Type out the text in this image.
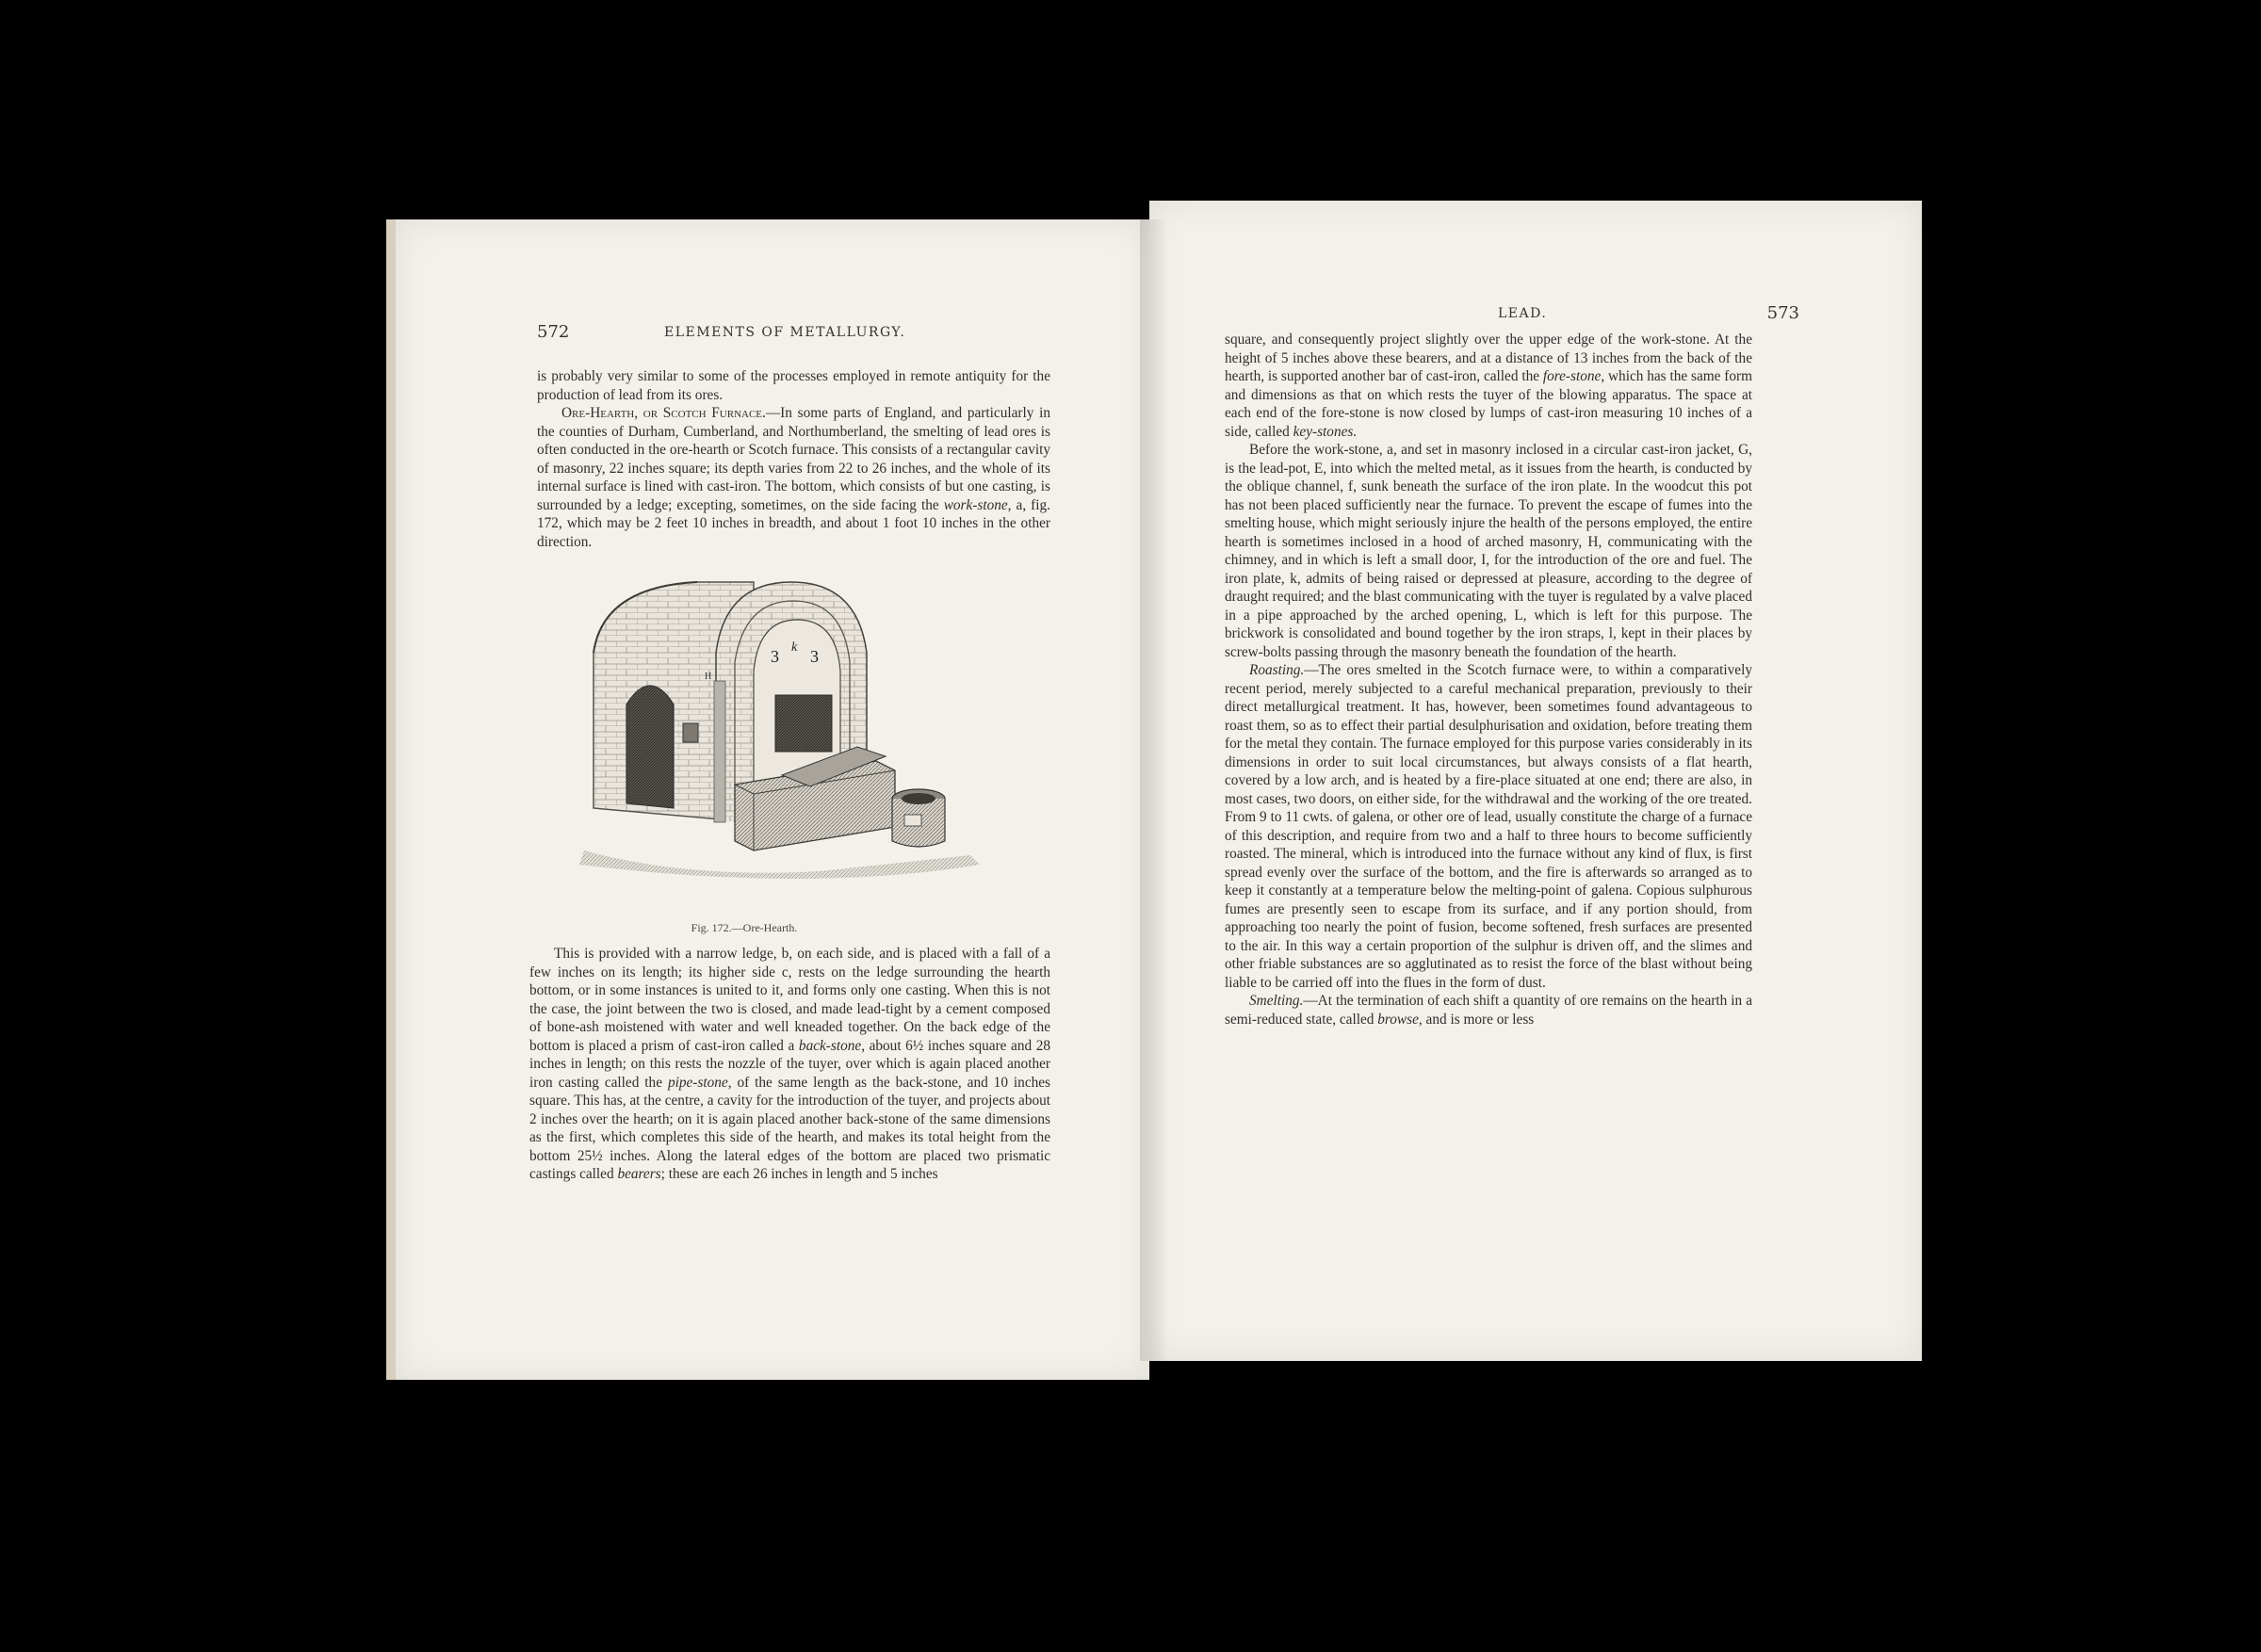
572	ELEMENTS OF METALLURGY.

is probably very similar to some of the processes employed in remote antiquity for the production of lead from its ores.

Ore-Hearth, or Scotch Furnace.—In some parts of England, and particularly in the counties of Durham, Cumberland, and Northumberland, the smelting of lead ores is often conducted in the ore-hearth or Scotch furnace. This consists of a rectangular cavity of masonry, 22 inches square; its depth varies from 22 to 26 inches, and the whole of its internal surface is lined with cast-iron. The bottom, which consists of but one casting, is surrounded by a ledge; excepting, sometimes, on the side facing the work-stone, a, fig. 172, which may be 2 feet 10 inches in breadth, and about 1 foot 10 inches in the other direction.

3 k 3
H
Fig. 172.—Ore-Hearth.

This is provided with a narrow ledge, b, on each side, and is placed with a fall of a few inches on its length; its higher side c, rests on the ledge surrounding the hearth bottom, or in some instances is united to it, and forms only one casting. When this is not the case, the joint between the two is closed, and made lead-tight by a cement composed of bone-ash moistened with water and well kneaded together. On the back edge of the bottom is placed a prism of cast-iron called a back-stone, about 6½ inches square and 28 inches in length; on this rests the nozzle of the tuyer, over which is again placed another iron casting called the pipe-stone, of the same length as the back-stone, and 10 inches square. This has, at the centre, a cavity for the introduction of the tuyer, and projects about 2 inches over the hearth; on it is again placed another back-stone of the same dimensions as the first, which completes this side of the hearth, and makes its total height from the bottom 25½ inches. Along the lateral edges of the bottom are placed two prismatic castings called bearers; these are each 26 inches in length and 5 inches

LEAD.	573

square, and consequently project slightly over the upper edge of the work-stone. At the height of 5 inches above these bearers, and at a distance of 13 inches from the back of the hearth, is supported another bar of cast-iron, called the fore-stone, which has the same form and dimensions as that on which rests the tuyer of the blowing apparatus. The space at each end of the fore-stone is now closed by lumps of cast-iron measuring 10 inches of a side, called key-stones.

Before the work-stone, a, and set in masonry inclosed in a circular cast-iron jacket, G, is the lead-pot, E, into which the melted metal, as it issues from the hearth, is conducted by the oblique channel, f, sunk beneath the surface of the iron plate. In the woodcut this pot has not been placed sufficiently near the furnace. To prevent the escape of fumes into the smelting house, which might seriously injure the health of the persons employed, the entire hearth is sometimes inclosed in a hood of arched masonry, H, communicating with the chimney, and in which is left a small door, I, for the introduction of the ore and fuel. The iron plate, k, admits of being raised or depressed at pleasure, according to the degree of draught required; and the blast communicating with the tuyer is regulated by a valve placed in a pipe approached by the arched opening, L, which is left for this purpose. The brickwork is consolidated and bound together by the iron straps, l, kept in their places by screw-bolts passing through the masonry beneath the foundation of the hearth.

Roasting.—The ores smelted in the Scotch furnace were, to within a comparatively recent period, merely subjected to a careful mechanical preparation, previously to their direct metallurgical treatment. It has, however, been sometimes found advantageous to roast them, so as to effect their partial desulphurisation and oxidation, before treating them for the metal they contain. The furnace employed for this purpose varies considerably in its dimensions in order to suit local circumstances, but always consists of a flat hearth, covered by a low arch, and is heated by a fire-place situated at one end; there are also, in most cases, two doors, on either side, for the withdrawal and the working of the ore treated. From 9 to 11 cwts. of galena, or other ore of lead, usually constitute the charge of a furnace of this description, and require from two and a half to three hours to become sufficiently roasted. The mineral, which is introduced into the furnace without any kind of flux, is first spread evenly over the surface of the bottom, and the fire is afterwards so arranged as to keep it constantly at a temperature below the melting-point of galena. Copious sulphurous fumes are presently seen to escape from its surface, and if any portion should, from approaching too nearly the point of fusion, become softened, fresh surfaces are presented to the air. In this way a certain proportion of the sulphur is driven off, and the slimes and other friable substances are so agglutinated as to resist the force of the blast without being liable to be carried off into the flues in the form of dust.

Smelting.—At the termination of each shift a quantity of ore remains on the hearth in a semi-reduced state, called browse, and is more or less
